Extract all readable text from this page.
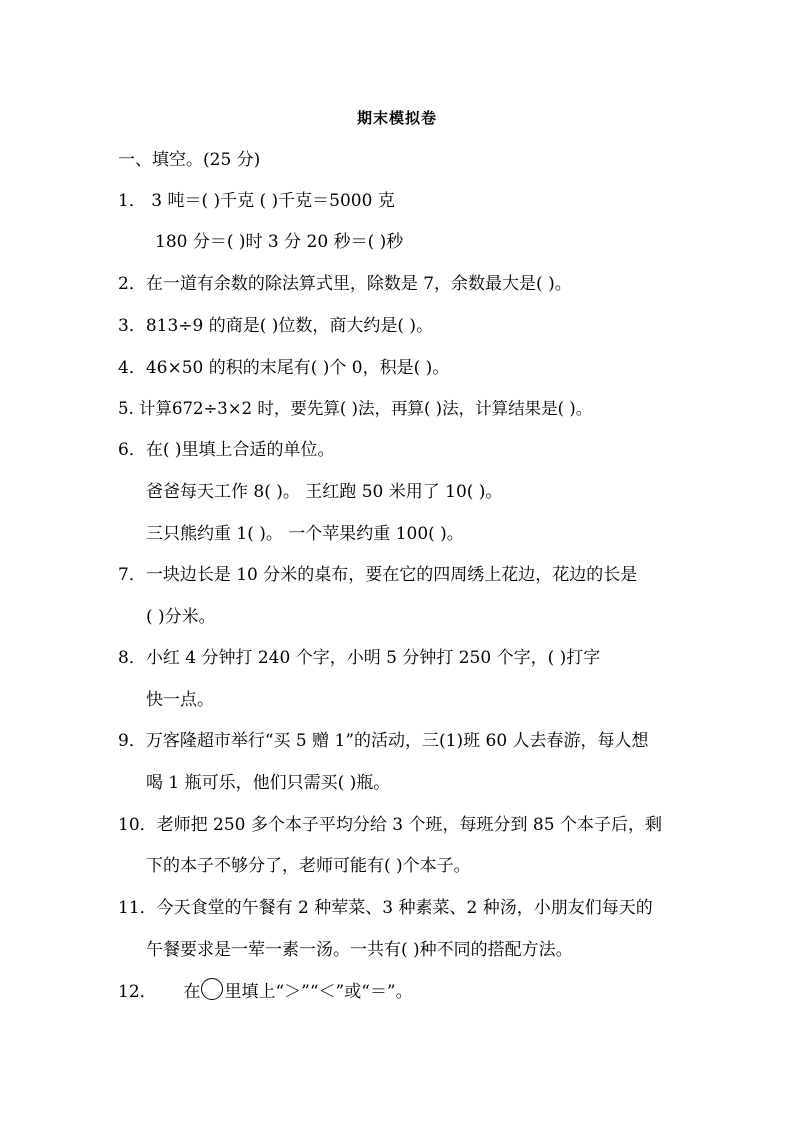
期末模拟卷
一、填空。(25 分)
1． 3 吨＝( )千克 ( )千克＝5000 克
180 分＝( )时 3 分 20 秒＝( )秒
2．在一道有余数的除法算式里，除数是 7，余数最大是( )。
3．813÷9 的商是( )位数，商大约是( )。
4．46×50 的积的末尾有( )个 0，积是( )。
5. 计算672÷3×2 时，要先算( )法，再算( )法，计算结果是( )。
6．在( )里填上合适的单位。
爸爸每天工作 8( )。 王红跑 50 米用了 10( )。
三只熊约重 1( )。 一个苹果约重 100( )。
7．一块边长是 10 分米的桌布，要在它的四周绣上花边，花边的长是
( )分米。
8．小红 4 分钟打 240 个字，小明 5 分钟打 250 个字，( )打字
快一点。
9．万客隆超市举行“买 5 赠 1”的活动，三(1)班 60 人去春游，每人想
喝 1 瓶可乐，他们只需买( )瓶。
10．老师把 250 多个本子平均分给 3 个班，每班分到 85 个本子后，剩
下的本子不够分了，老师可能有( )个本子。
11．今天食堂的午餐有 2 种荤菜、3 种素菜、2 种汤，小朋友们每天的
午餐要求是一荤一素一汤。一共有( )种不同的搭配方法。
12． 在 里填上“＞”“＜”或“＝”。
